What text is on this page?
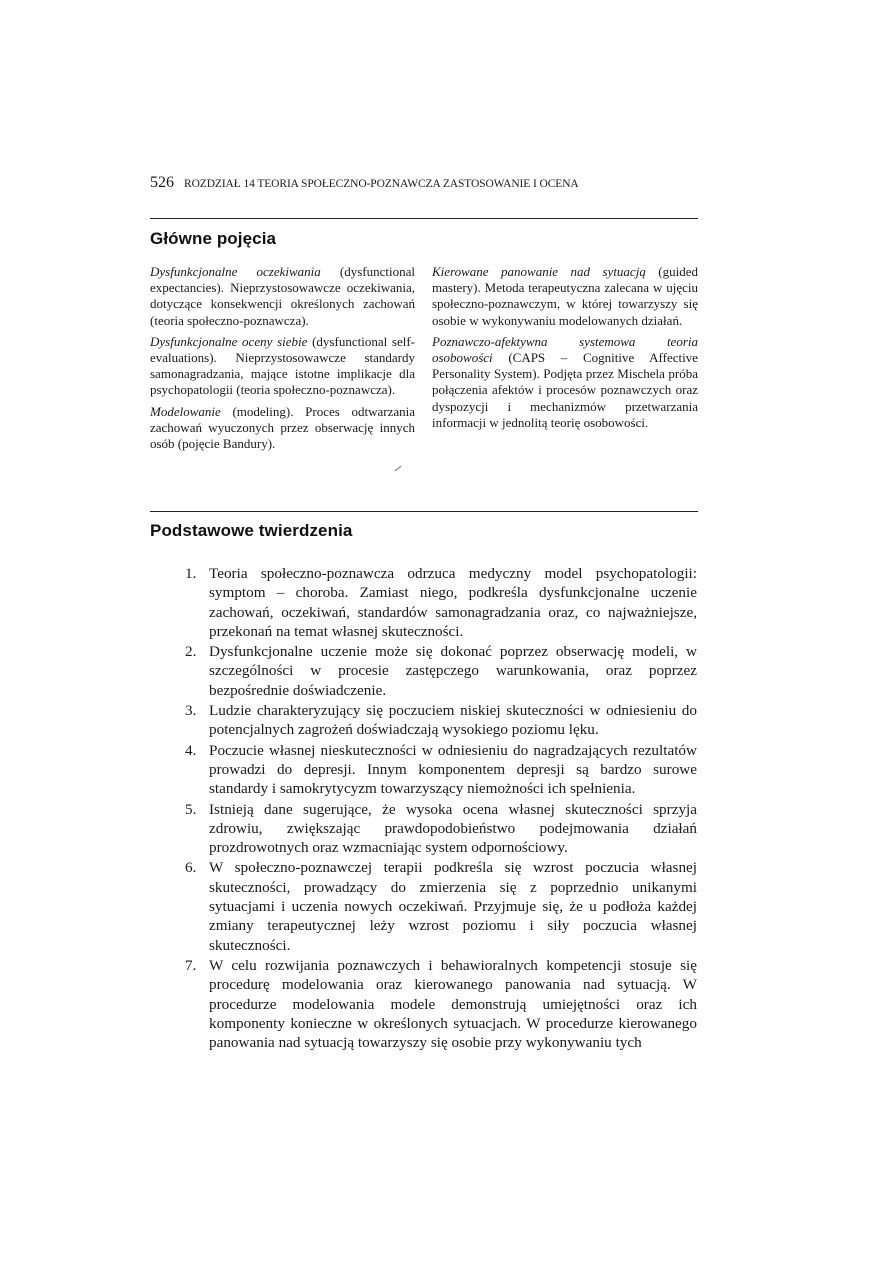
526 ROZDZIAŁ 14 TEORIA SPOŁECZNO-POZNAWCZA ZASTOSOWANIE I OCENA
Główne pojęcia

Dysfunkcjonalne oczekiwania (dysfunctional expectancies). Nieprzystosowawcze oczekiwania, dotyczące konsekwencji określonych zachowań (teoria społeczno-poznawcza).

Dysfunkcjonalne oceny siebie (dysfunctional self-evaluations). Nieprzystosowawcze standardy samonagradzania, mające istotne implikacje dla psychopatologii (teoria społeczno-poznawcza).

Modelowanie (modeling). Proces odtwarzania zachowań wyuczonych przez obserwację innych osób (pojęcie Bandury).

Kierowane panowanie nad sytuacją (guided mastery). Metoda terapeutyczna zalecana w ujęciu społeczno-poznawczym, w której towarzyszy się osobie w wykonywaniu modelowanych działań.

Poznawczo-afektywna systemowa teoria osobowości (CAPS – Cognitive Affective Personality System). Podjęta przez Mischela próba połączenia afektów i procesów poznawczych oraz dyspozycji i mechanizmów przetwarzania informacji w jednolitą teorię osobowości.

Podstawowe twierdzenia
1. Teoria społeczno-poznawcza odrzuca medyczny model psychopatologii: symptom – choroba. Zamiast niego, podkreśla dysfunkcjonalne uczenie zachowań, oczekiwań, standardów samonagradzania oraz, co najważniejsze, przekonań na temat własnej skuteczności.
2. Dysfunkcjonalne uczenie może się dokonać poprzez obserwację modeli, w szczególności w procesie zastępczego warunkowania, oraz poprzez bezpośrednie doświadczenie.
3. Ludzie charakteryzujący się poczuciem niskiej skuteczności w odniesieniu do potencjalnych zagrożeń doświadczają wysokiego poziomu lęku.
4. Poczucie własnej nieskuteczności w odniesieniu do nagradzających rezultatów prowadzi do depresji. Innym komponentem depresji są bardzo surowe standardy i samokrytycyzm towarzyszący niemożności ich spełnienia.
5. Istnieją dane sugerujące, że wysoka ocena własnej skuteczności sprzyja zdrowiu, zwiększając prawdopodobieństwo podejmowania działań prozdrowotnych oraz wzmacniając system odpornościowy.
6. W społeczno-poznawczej terapii podkreśla się wzrost poczucia własnej skuteczności, prowadzący do zmierzenia się z poprzednio unikanymi sytuacjami i uczenia nowych oczekiwań. Przyjmuje się, że u podłoża każdej zmiany terapeutycznej leży wzrost poziomu i siły poczucia własnej skuteczności.
7. W celu rozwijania poznawczych i behawioralnych kompetencji stosuje się procedurę modelowania oraz kierowanego panowania nad sytuacją. W procedurze modelowania modele demonstrują umiejętności oraz ich komponenty konieczne w określonych sytuacjach. W procedurze kierowanego panowania nad sytuacją towarzyszy się osobie przy wykonywaniu tych
